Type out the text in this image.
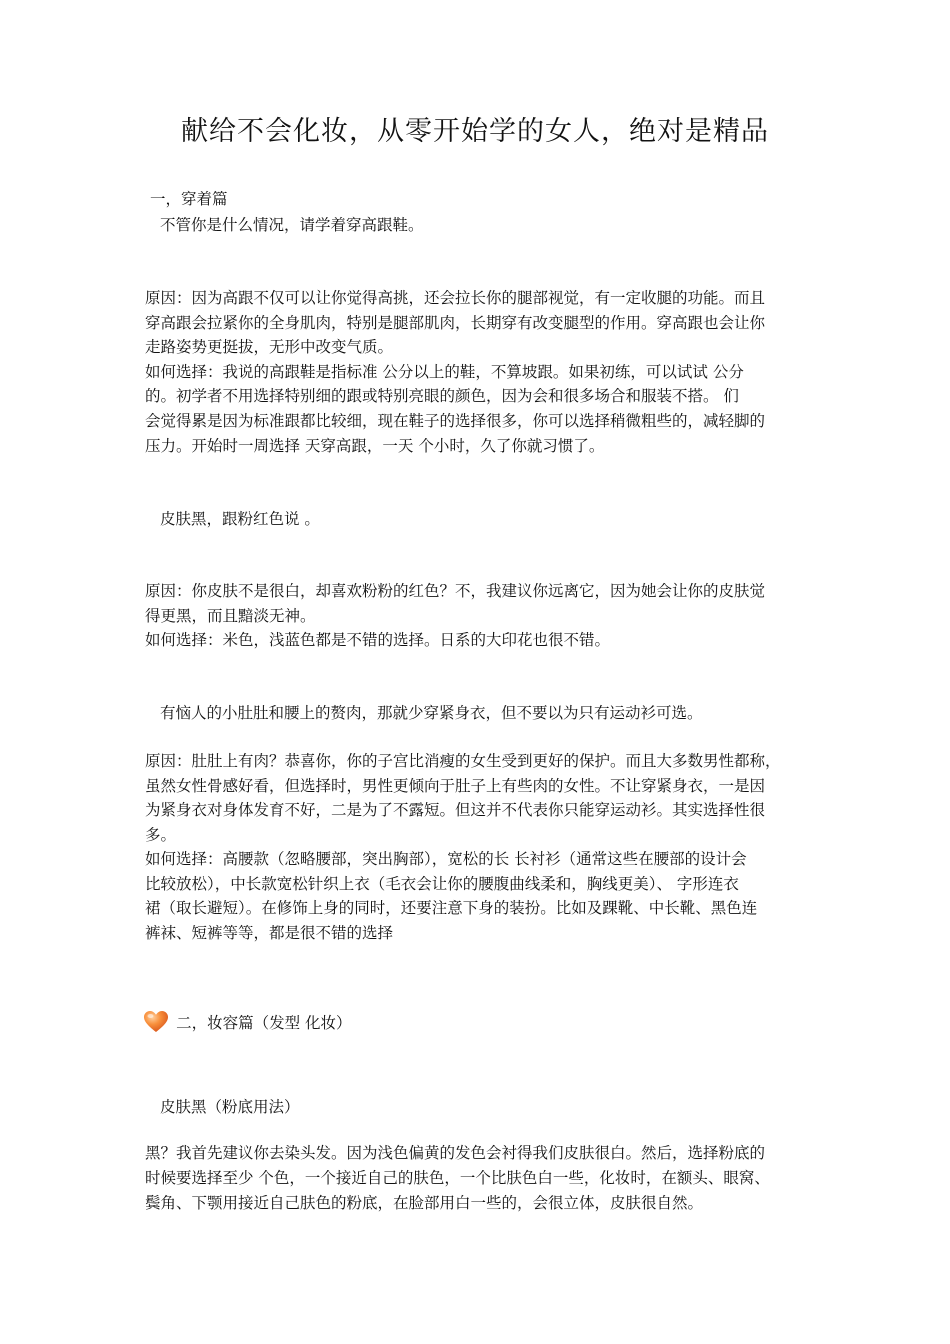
献给不会化妆，从零开始学的女人，绝对是精品
一，穿着篇
不管你是什么情况，请学着穿高跟鞋。
原因：因为高跟不仅可以让你觉得高挑，还会拉长你的腿部视觉，有一定收腿的功能。而且
穿高跟会拉紧你的全身肌肉，特别是腿部肌肉，长期穿有改变腿型的作用。穿高跟也会让你
走路姿势更挺拔，无形中改变气质。
如何选择：我说的高跟鞋是指标准 公分以上的鞋，不算坡跟。如果初练，可以试试 公分
的。初学者不用选择特别细的跟或特别亮眼的颜色，因为会和很多场合和服装不搭。 们
会觉得累是因为标准跟都比较细，现在鞋子的选择很多，你可以选择稍微粗些的，减轻脚的
压力。开始时一周选择 天穿高跟，一天 个小时，久了你就习惯了。
皮肤黑，跟粉红色说 。
原因：你皮肤不是很白，却喜欢粉粉的红色？不，我建议你远离它，因为她会让你的皮肤觉
得更黑，而且黯淡无神。
如何选择：米色，浅蓝色都是不错的选择。日系的大印花也很不错。
有恼人的小肚肚和腰上的赘肉，那就少穿紧身衣，但不要以为只有运动衫可选。
原因：肚肚上有肉？恭喜你，你的子宫比消瘦的女生受到更好的保护。而且大多数男性都称，
虽然女性骨感好看，但选择时，男性更倾向于肚子上有些肉的女性。不让穿紧身衣，一是因
为紧身衣对身体发育不好，二是为了不露短。但这并不代表你只能穿运动衫。其实选择性很
多。
如何选择：高腰款（忽略腰部，突出胸部），宽松的长 长衬衫（通常这些在腰部的设计会
比较放松），中长款宽松针织上衣（毛衣会让你的腰腹曲线柔和，胸线更美）、 字形连衣
裙（取长避短）。在修饰上身的同时，还要注意下身的装扮。比如及踝靴、中长靴、黑色连
裤袜、短裤等等，都是很不错的选择
二，妆容篇（发型 化妆）
皮肤黑（粉底用法）
黑？我首先建议你去染头发。因为浅色偏黄的发色会衬得我们皮肤很白。然后，选择粉底的
时候要选择至少 个色，一个接近自己的肤色，一个比肤色白一些，化妆时，在额头、眼窝、
鬓角、下颚用接近自己肤色的粉底，在脸部用白一些的，会很立体，皮肤很自然。
